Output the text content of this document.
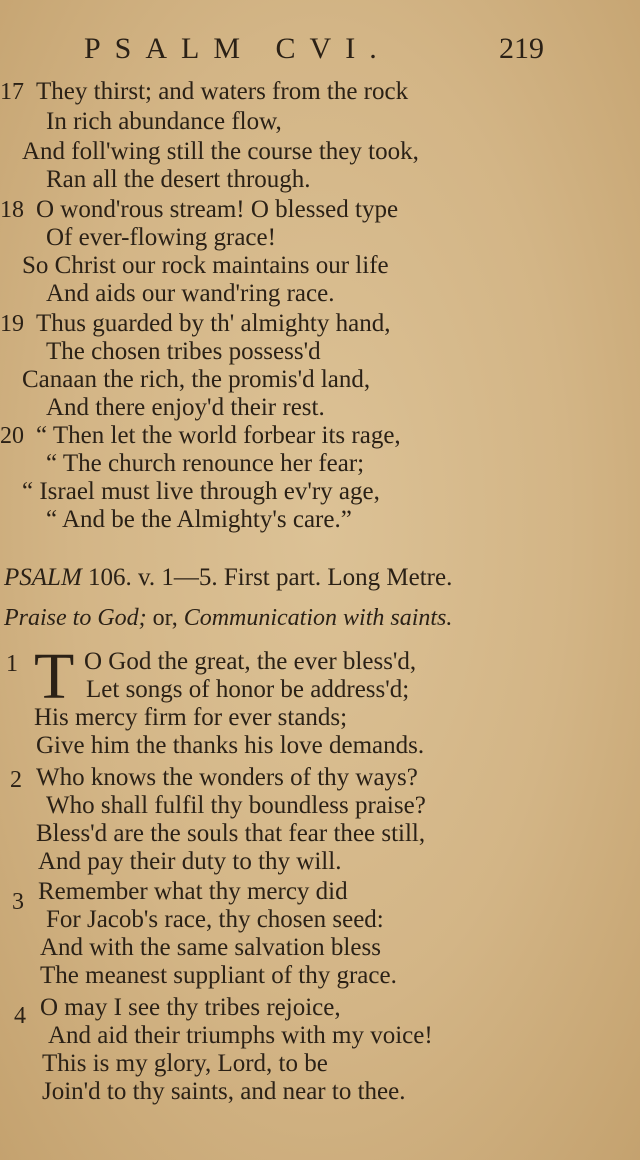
PSALM CVI.	219
17 They thirst; and waters from the rock
In rich abundance flow,
And foll'wing still the course they took,
Ran all the desert through.
18 O wond'rous stream! O blessed type
Of ever-flowing grace!
So Christ our rock maintains our life
And aids our wand'ring race.
19 Thus guarded by th' almighty hand,
The chosen tribes possess'd
Canaan the rich, the promis'd land,
And there enjoy'd their rest.
20 “ Then let the world forbear its rage,
“ The church renounce her fear;
“ Israel must live through ev'ry age,
“ And be the Almighty's care.”
PSALM 106. v. 1—5. First part. Long Metre.
Praise to God; or, Communication with saints.
1 T O God the great, the ever bless'd,
Let songs of honor be address'd;
His mercy firm for ever stands;
Give him the thanks his love demands.
2 Who knows the wonders of thy ways?
Who shall fulfil thy boundless praise?
Bless'd are the souls that fear thee still,
And pay their duty to thy will.
3 Remember what thy mercy did
For Jacob's race, thy chosen seed:
And with the same salvation bless
The meanest suppliant of thy grace.
4 O may I see thy tribes rejoice,
And aid their triumphs with my voice!
This is my glory, Lord, to be
Join'd to thy saints, and near to thee.
